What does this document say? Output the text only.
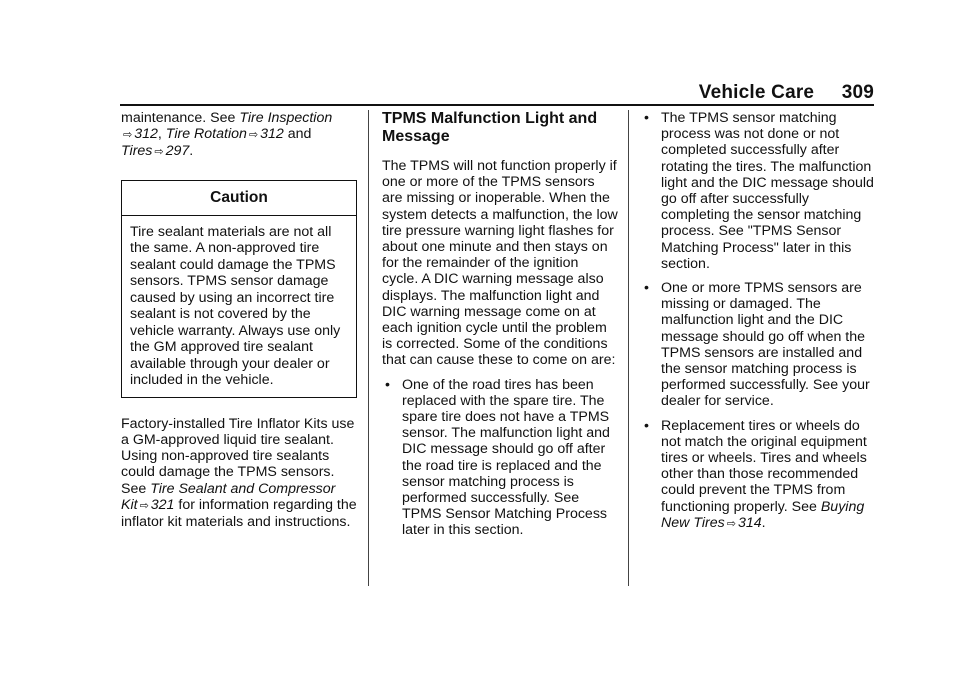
Vehicle Care 309

maintenance. See Tire Inspection
⇨ 312, Tire Rotation ⇨ 312 and
Tires ⇨ 297.

Caution
Tire sealant materials are not all the same. A non-approved tire sealant could damage the TPMS sensors. TPMS sensor damage caused by using an incorrect tire sealant is not covered by the vehicle warranty. Always use only the GM approved tire sealant available through your dealer or included in the vehicle.

Factory-installed Tire Inflator Kits use a GM-approved liquid tire sealant. Using non-approved tire sealants could damage the TPMS sensors. See Tire Sealant and Compressor Kit ⇨ 321 for information regarding the inflator kit materials and instructions.

TPMS Malfunction Light and Message

The TPMS will not function properly if one or more of the TPMS sensors are missing or inoperable. When the system detects a malfunction, the low tire pressure warning light flashes for about one minute and then stays on for the remainder of the ignition cycle. A DIC warning message also displays. The malfunction light and DIC warning message come on at each ignition cycle until the problem is corrected. Some of the conditions that can cause these to come on are:

• One of the road tires has been replaced with the spare tire. The spare tire does not have a TPMS sensor. The malfunction light and DIC message should go off after the road tire is replaced and the sensor matching process is performed successfully. See TPMS Sensor Matching Process later in this section.
• The TPMS sensor matching process was not done or not completed successfully after rotating the tires. The malfunction light and the DIC message should go off after successfully completing the sensor matching process. See "TPMS Sensor Matching Process" later in this section.
• One or more TPMS sensors are missing or damaged. The malfunction light and the DIC message should go off when the TPMS sensors are installed and the sensor matching process is performed successfully. See your dealer for service.
• Replacement tires or wheels do not match the original equipment tires or wheels. Tires and wheels other than those recommended could prevent the TPMS from functioning properly. See Buying New Tires ⇨ 314.
